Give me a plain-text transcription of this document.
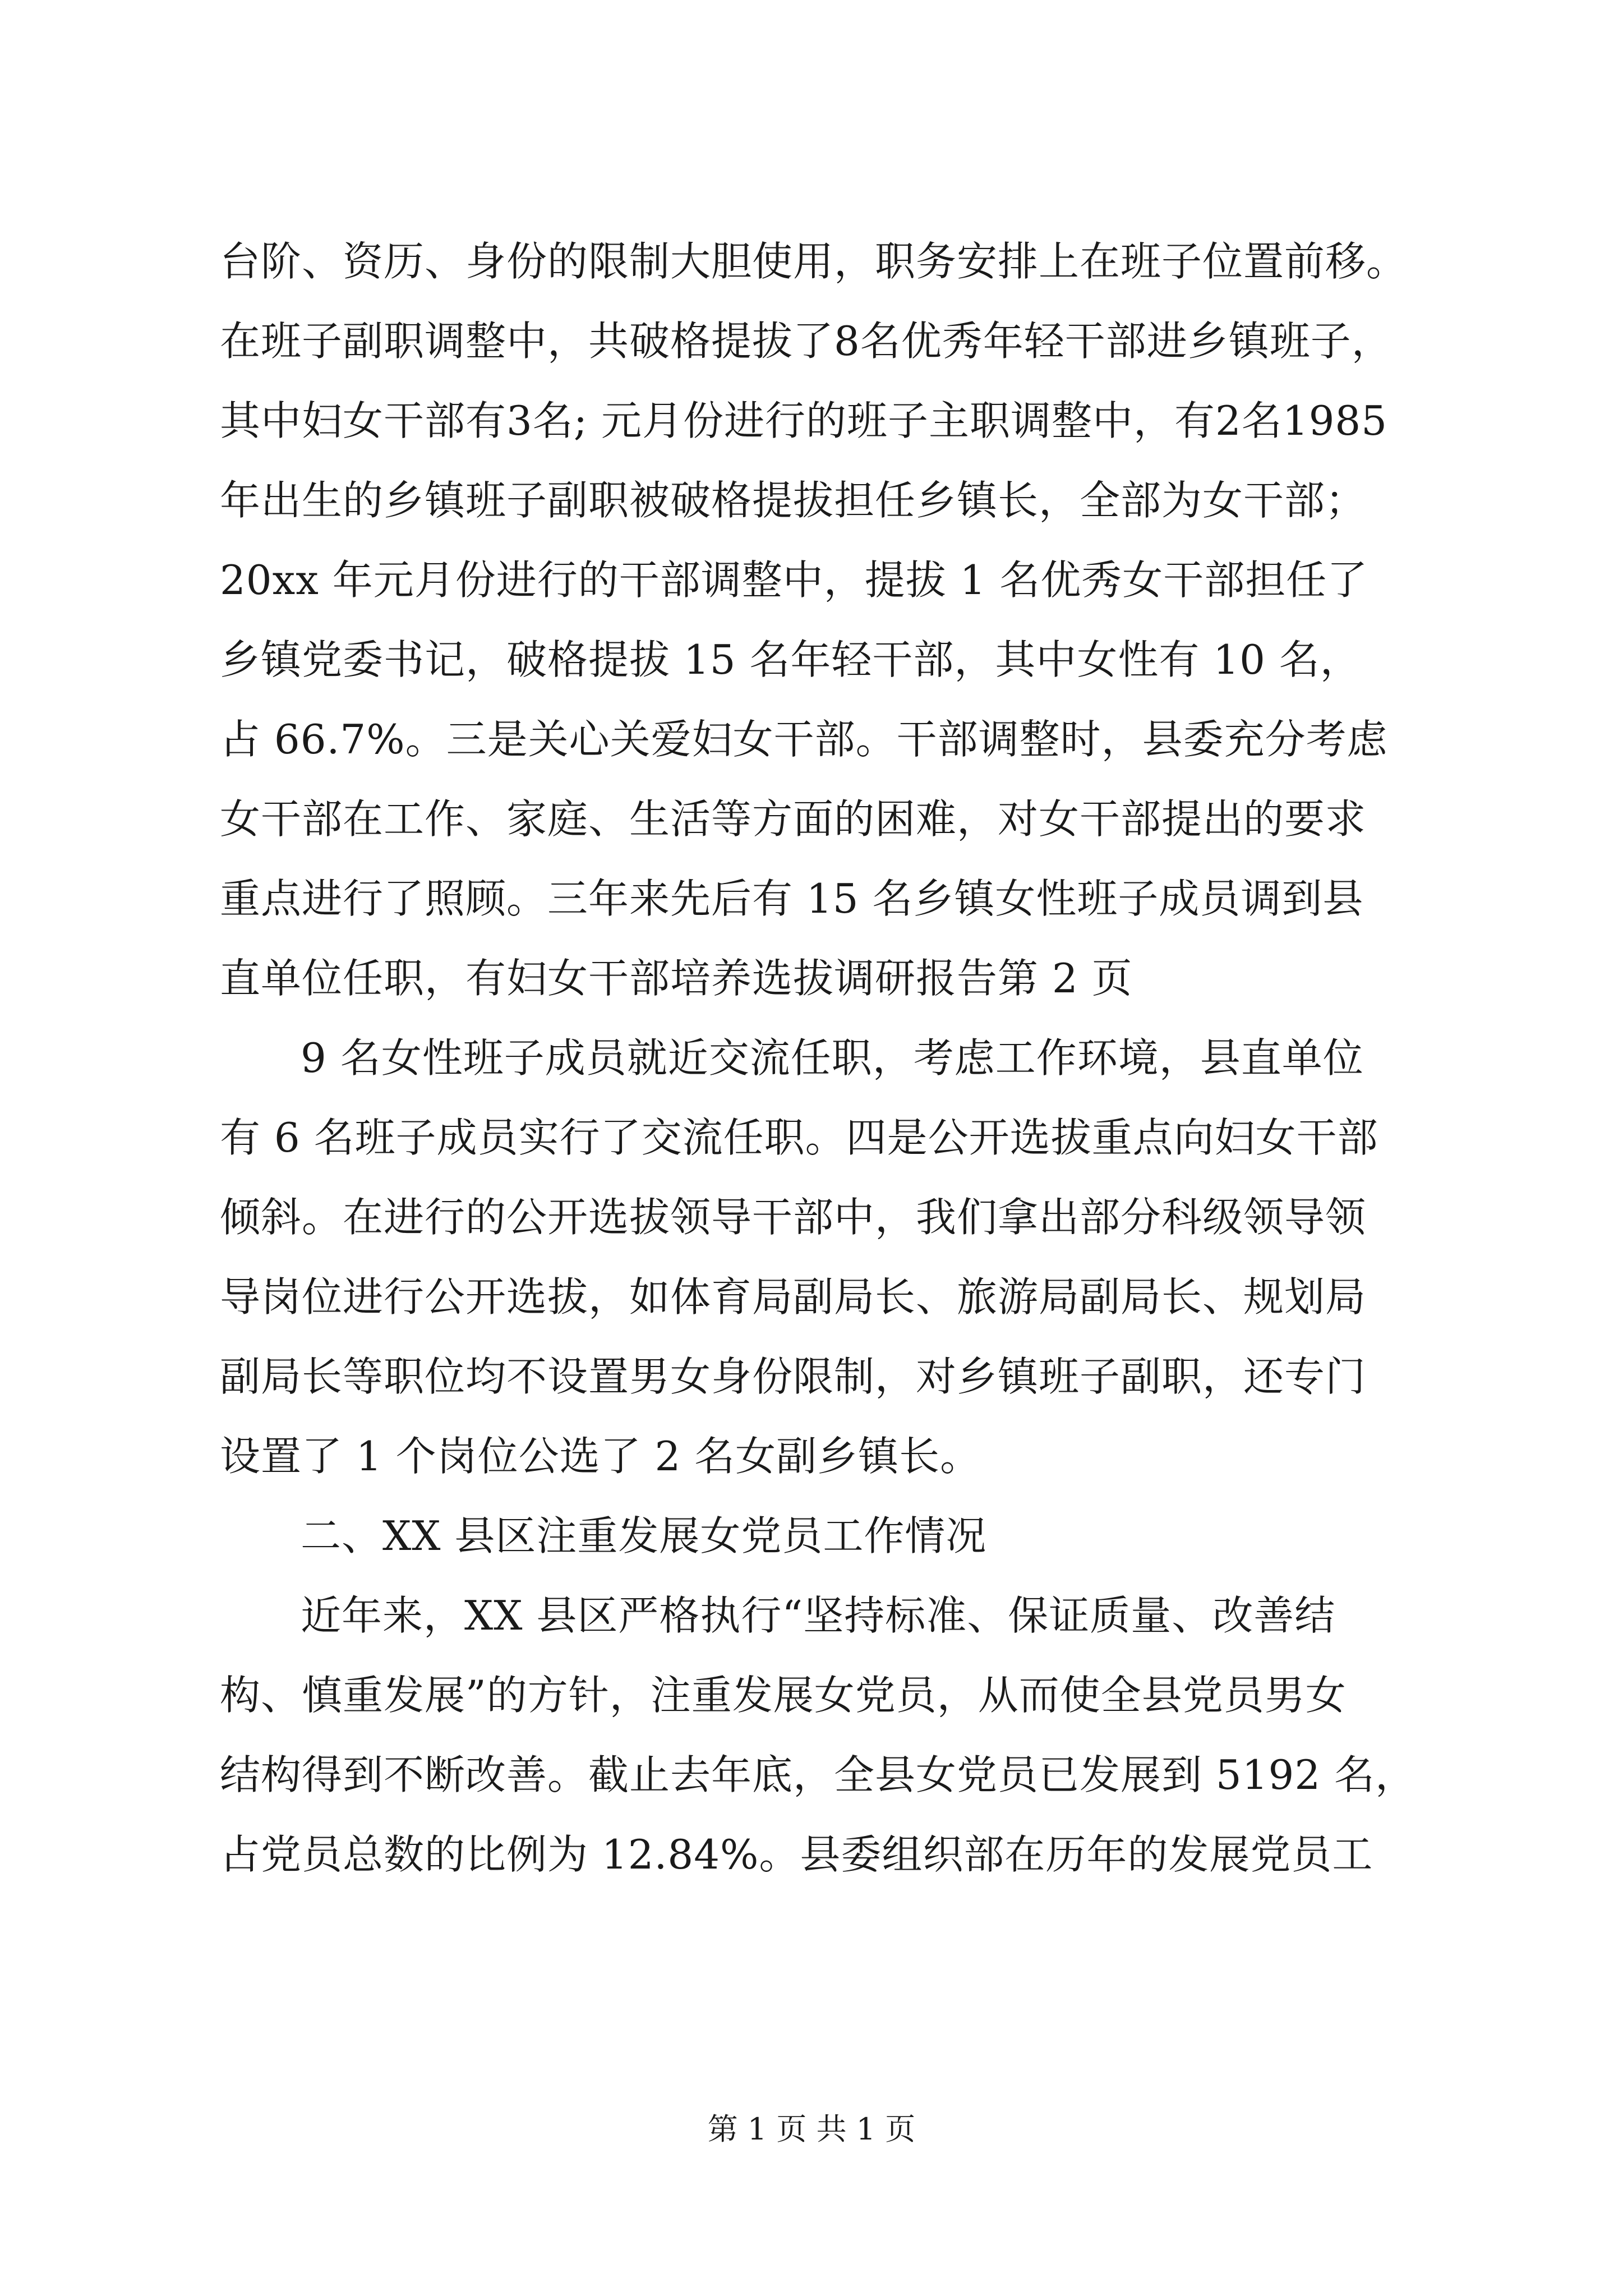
台阶、资历、身份的限制大胆使用，职务安排上在班子位置前移。
在班子副职调整中，共破格提拔了8名优秀年轻干部进乡镇班子，
其中妇女干部有3名; 元月份进行的班子主职调整中，有2名1985
年出生的乡镇班子副职被破格提拔担任乡镇长，全部为女干部；
20xx 年元月份进行的干部调整中，提拔 1 名优秀女干部担任了
乡镇党委书记，破格提拔 15 名年轻干部，其中女性有 10 名，
占 66.7%。三是关心关爱妇女干部。干部调整时，县委充分考虑
女干部在工作、家庭、生活等方面的困难，对女干部提出的要求
重点进行了照顾。三年来先后有 15 名乡镇女性班子成员调到县
直单位任职，有妇女干部培养选拔调研报告第 2 页
9 名女性班子成员就近交流任职，考虑工作环境，县直单位
有 6 名班子成员实行了交流任职。四是公开选拔重点向妇女干部
倾斜。在进行的公开选拔领导干部中，我们拿出部分科级领导领
导岗位进行公开选拔，如体育局副局长、旅游局副局长、规划局
副局长等职位均不设置男女身份限制，对乡镇班子副职，还专门
设置了 1 个岗位公选了 2 名女副乡镇长。
二、XX 县区注重发展女党员工作情况
近年来，XX 县区严格执行“坚持标准、保证质量、改善结
构、慎重发展”的方针，注重发展女党员，从而使全县党员男女
结构得到不断改善。截止去年底，全县女党员已发展到 5192 名，
占党员总数的比例为 12.84%。县委组织部在历年的发展党员工
第 1 页 共 1 页
